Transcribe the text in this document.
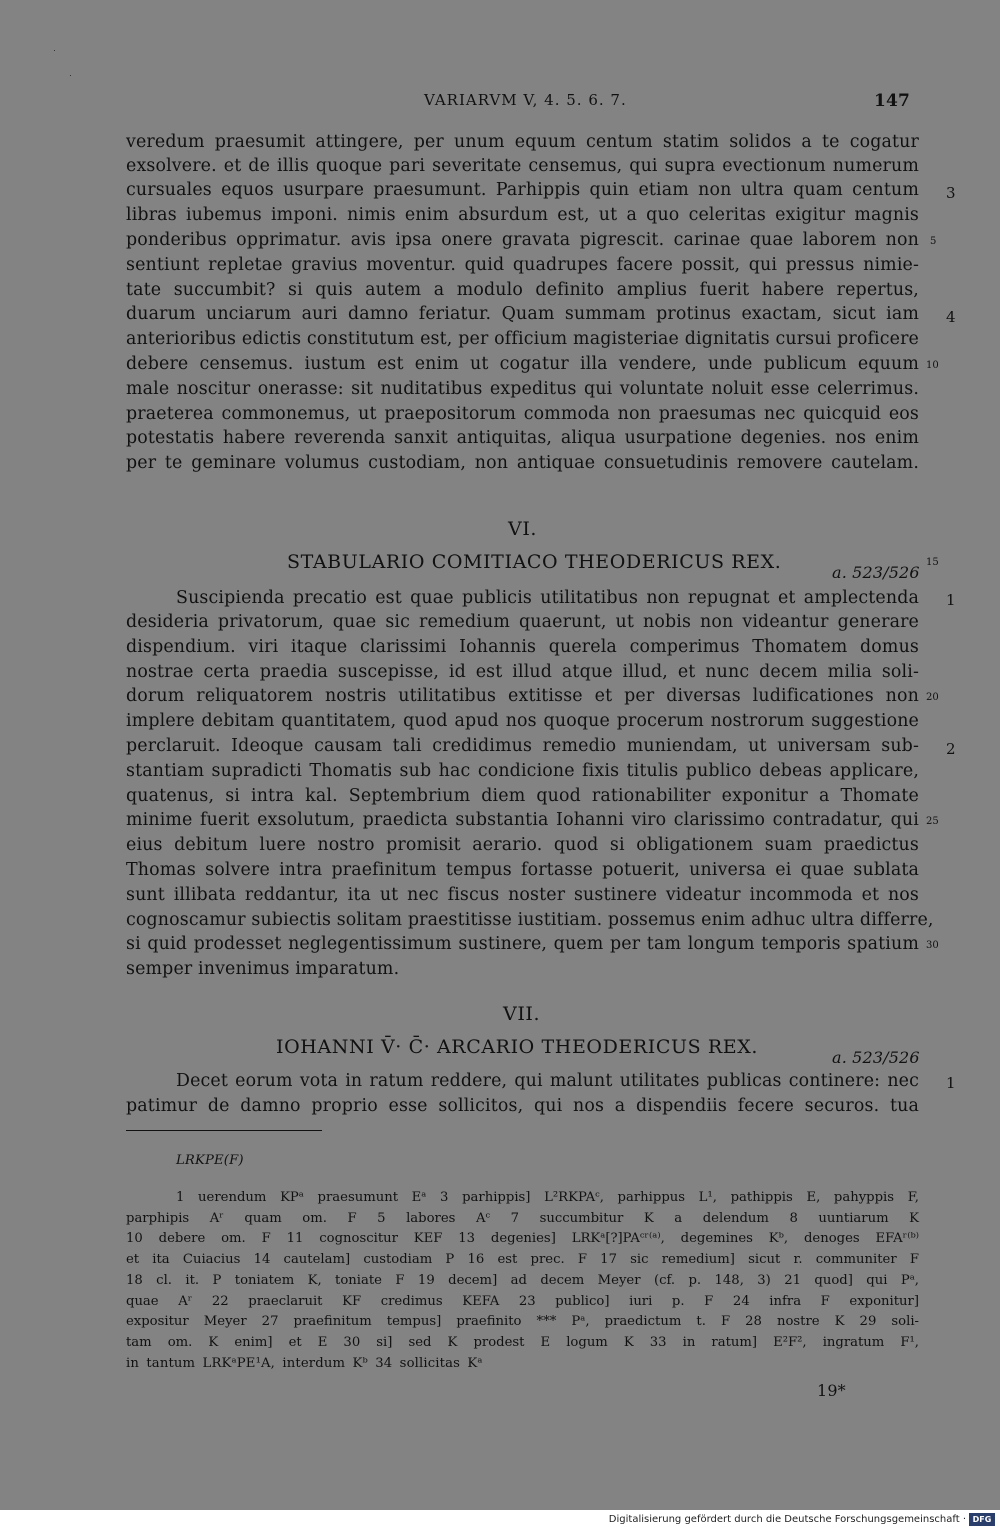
VARIARVM V, 4. 5. 6. 7.	147
veredum praesumit attingere, per unum equum centum statim solidos a te cogatur
exsolvere. et de illis quoque pari severitate censemus, qui supra evectionum numerum
cursuales equos usurpare praesumunt. Parhippis quin etiam non ultra quam centum
libras iubemus imponi. nimis enim absurdum est, ut a quo celeritas exigitur magnis
ponderibus opprimatur. avis ipsa onere gravata pigrescit. carinae quae laborem non
sentiunt repletae gravius moventur. quid quadrupes facere possit, qui pressus nimie-
tate succumbit? si quis autem a modulo definito amplius fuerit habere repertus,
duarum unciarum auri damno feriatur. Quam summam protinus exactam, sicut iam
anterioribus edictis constitutum est, per officium magisteriae dignitatis cursui proficere
debere censemus. iustum est enim ut cogatur illa vendere, unde publicum equum
male noscitur onerasse: sit nuditatibus expeditus qui voluntate noluit esse celerrimus.
praeterea commonemus, ut praepositorum commoda non praesumas nec quicquid eos
potestatis habere reverenda sanxit antiquitas, aliqua usurpatione degenies. nos enim
per te geminare volumus custodiam, non antiquae consuetudinis removere cautelam.
VI.
STABULARIO COMITIACO THEODERICUS REX.	a. 523/526
Suscipienda precatio est quae publicis utilitatibus non repugnat et amplectenda
desideria privatorum, quae sic remedium quaerunt, ut nobis non videantur generare
dispendium. viri itaque clarissimi Iohannis querela comperimus Thomatem domus
nostrae certa praedia suscepisse, id est illud atque illud, et nunc decem milia soli-
dorum reliquatorem nostris utilitatibus extitisse et per diversas ludificationes non
implere debitam quantitatem, quod apud nos quoque procerum nostrorum suggestione
perclaruit. Ideoque causam tali credidimus remedio muniendam, ut universam sub-
stantiam supradicti Thomatis sub hac condicione fixis titulis publico debeas applicare,
quatenus, si intra kal. Septembrium diem quod rationabiliter exponitur a Thomate
minime fuerit exsolutum, praedicta substantia Iohanni viro clarissimo contradatur, qui
eius debitum luere nostro promisit aerario. quod si obligationem suam praedictus
Thomas solvere intra praefinitum tempus fortasse potuerit, universa ei quae sublata
sunt illibata reddantur, ita ut nec fiscus noster sustinere videatur incommoda et nos
cognoscamur subiectis solitam praestitisse iustitiam. possemus enim adhuc ultra differre,
si quid prodesset neglegentissimum sustinere, quem per tam longum temporis spatium
semper invenimus imparatum.
VII.
IOHANNI V̄· C̄· ARCARIO THEODERICUS REX.	a. 523/526
Decet eorum vota in ratum reddere, qui malunt utilitates publicas continere: nec
patimur de damno proprio esse sollicitos, qui nos a dispendiis fecere securos. tua
3
4
1
2
1
5
10
15
20
25
30
LRKPE(F)
1 uerendum KPᵃ praesumunt Eᵃ 3 parhippis] L²RKPAᶜ, parhippus L¹, pathippis E, pahyppis F,
parphipis Aʳ quam om. F 5 labores Aᶜ 7 succumbitur K a delendum 8 uuntiarum K
10 debere om. F 11 cognoscitur KEF 13 degenies] LRKᵃ[?]PAᶜʳ⁽ᵃ⁾, degemines Kᵇ, denoges EFAʳ⁽ᵇ⁾
et ita Cuiacius 14 cautelam] custodiam P 16 est prec. F 17 sic remedium] sicut r. communiter F
18 cl. it. P toniatem K, toniate F 19 decem] ad decem Meyer (cf. p. 148, 3) 21 quod] qui Pᵃ,
quae Aʳ 22 praeclaruit KF credimus KEFA 23 publico] iuri p. F 24 infra F exponitur]
expositur Meyer 27 praefinitum tempus] praefinito *** Pᵃ, praedictum t. F 28 nostre K 29 soli-
tam om. K enim] et E 30 si] sed K prodest E logum K 33 in ratum] E²F², ingratum F¹,
in tantum LRKᵃPE¹A, interdum Kᵇ 34 sollicitas Kᵃ
19*
Digitalisierung gefördert durch die Deutsche Forschungsgemeinschaft · DFG
